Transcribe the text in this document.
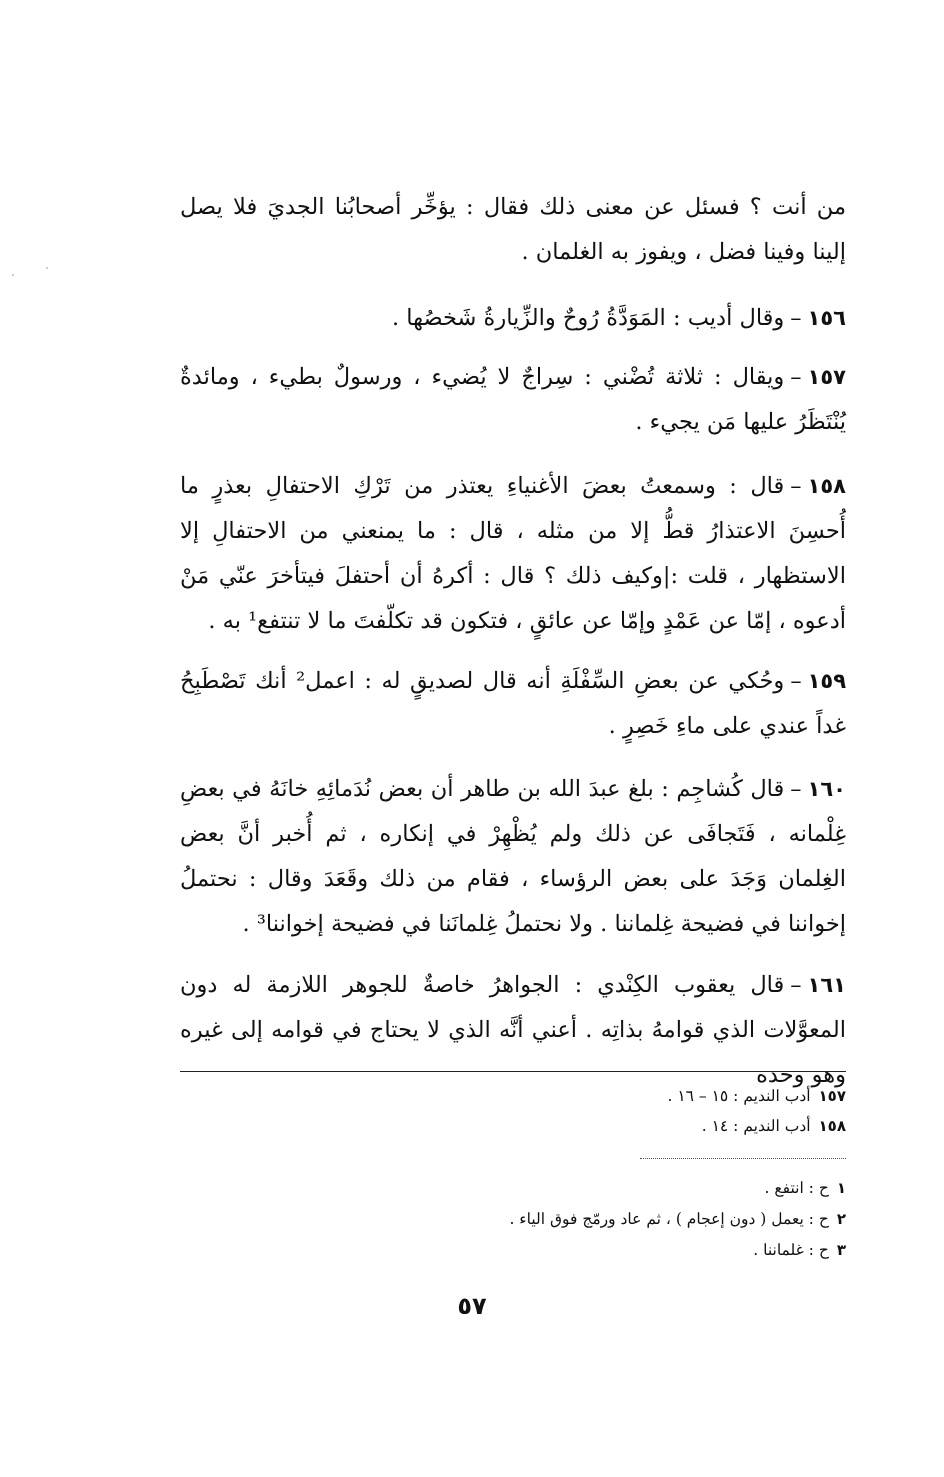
من أنت ؟ فسئل عن معنى ذلك فقال : يؤخِّر أصحابُنا الجديَ فلا يصل إلينا وفينا فضل ، ويفوز به الغلمان .

١٥٦–وقال أديب : المَوَدَّةُ رُوحٌ والزِّيارةُ شَخصُها .

١٥٧–ويقال : ثلاثة تُضْني : سِراجٌ لا يُضيء ، ورسولٌ بطيء ، ومائدةٌ يُنْتَظَرُ عليها مَن يجيء .

١٥٨–قال : وسمعتُ بعضَ الأغنياءِ يعتذر من تَرْكِ الاحتفالِ بعذرٍ ما أُحسِنَ الاعتذارُ قطُّ إلا من مثله ، قال : ما يمنعني من الاحتفالِ إلا الاستظهار ، قلت :|وكيف ذلك ؟ قال : أكرهُ أن أحتفلَ فيتأخرَ عنّي مَنْ أدعوه ، إمّا عن عَمْدٍ وإمّا عن عائقٍ ، فتكون قد تكلّفتَ ما لا تنتفع¹ به .

١٥٩–وحُكي عن بعضِ السِّفْلَةِ أنه قال لصديقٍ له : اعمل² أنك تَصْطَبِحُ غداً عندي على ماءِ خَصِرٍ .

١٦٠–قال كُشاجِم : بلغ عبدَ الله بن طاهر أن بعض نُدَمائِهِ خانَهُ في بعضِ غِلْمانه ، فَتَجافَى عن ذلك ولم يُظْهِرْ في إنكاره ، ثم أُخبر أنَّ بعض الغِلمان وَجَدَ على بعض الرؤساء ، فقام من ذلك وقَعَدَ وقال : نحتملُ إخواننا في فضيحة غِلماننا . ولا نحتملُ غِلمانَنا في فضيحة إخواننا³ .

١٦١–قال يعقوب الكِنْدي : الجواهرُ خاصةٌ للجوهر اللازمة له دون المعوَّلات الذي قوامهُ بذاتِه . أعني أنَّه الذي لا يحتاج في قوامه إلى غيره وهو وحده

١٥٧أدب النديم : ١٥ – ١٦ .

١٥٨أدب النديم : ١٤ .

١ح : انتفع .

٢ح : يعمل ( دون إعجام ) ، ثم عاد ورمّج فوق الياء .

٣ح : غلماننا .

٥٧
